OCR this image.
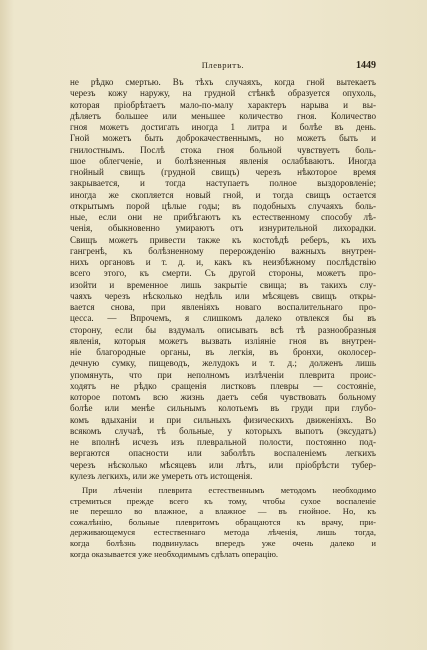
Плевритъ.	1449
не рѣдко смертью. Въ тѣхъ случаяхъ, когда гной вытекаетъ
черезъ кожу наружу, на грудной стѣнкѣ образуется опухоль,
которая пріобрѣтаетъ мало-по-малу характеръ нарыва и вы-
дѣляетъ большее или меньшее количество гноя. Количество
гноя можетъ достигать иногда 1 литра и болѣе въ день.
Гной можетъ быть доброкачественнымъ, но можетъ быть и
гнилостнымъ. Послѣ стока гноя больной чувствуетъ боль-
шое облегченіе, и болѣзненныя явленія ослабѣваютъ. Иногда
гнойный свищъ (грудной свищъ) черезъ нѣкоторое время
закрывается, и тогда наступаетъ полное выздоровленіе;
иногда же скопляется новый гной, и тогда свищъ остается
открытымъ порой цѣлые годы; въ подобныхъ случаяхъ боль-
ные, если они не прибѣгаютъ къ естественному способу лѣ-
ченія, обыкновенно умираютъ отъ изнурительной лихорадки.
Свищъ можетъ привести также къ костоѣдѣ реберъ, къ ихъ
гангренѣ, къ болѣзненному перерожденію важныхъ внутрен-
нихъ органовъ и т. д. и, какъ къ неизбѣжному послѣдствію
всего этого, къ смерти. Съ другой стороны, можетъ про-
изойти и временное лишь закрытіе свища; въ такихъ слу-
чаяхъ черезъ нѣсколько недѣль или мѣсяцевъ свищъ откры-
вается снова, при явленіяхъ новаго воспалительнаго про-
цесса. — Впрочемъ, я слишкомъ далеко отвлекся бы въ
сторону, если бы вздумалъ описывать всѣ тѣ разнообразныя
явленія, которыя можетъ вызвать изліяніе гноя въ внутрен-
ніе благородные органы, въ легкія, въ бронхи, околосер-
дечную сумку, пищеводъ, желудокъ и т. д.; долженъ лишь
упомянуть, что при неполномъ излѣченіи плеврита проис-
ходятъ не рѣдко сращенія листковъ плевры — состояніе,
которое потомъ всю жизнь даетъ себя чувствовать больному
болѣе или менѣе сильнымъ колотьемъ въ груди при глубо-
комъ вдыханіи и при сильныхъ физическихъ движеніяхъ. Во
всякомъ случаѣ, тѣ больные, у которыхъ выпотъ (эксудатъ)
не вполнѣ исчезъ изъ плевральной полости, постоянно под-
вергаются опасности или заболѣть воспаленіемъ легкихъ
черезъ нѣсколько мѣсяцевъ или лѣтъ, или пріобрѣсти тубер-
кулезъ легкихъ, или же умереть отъ истощенія.
При лѣченіи плеврита естественнымъ методомъ необходимо
стремиться прежде всего къ тому, чтобы сухое воспаленіе
не перешло во влажное, а влажное — въ гнойное. Но, къ
сожалѣнію, больные плевритомъ обращаются къ врачу, при-
держивающемуся естественнаго метода лѣченія, лишь тогда,
когда болѣзнь подвинулась впередъ уже очень далеко и
когда оказывается уже необходимымъ сдѣлать операцію.
